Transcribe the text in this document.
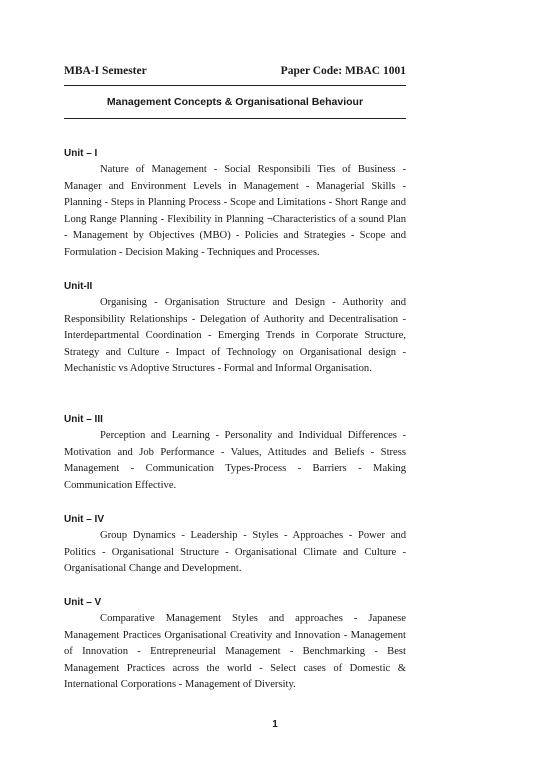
MBA-I Semester	Paper Code: MBAC 1001
Management Concepts & Organisational Behaviour
Unit – I

Nature of Management - Social Responsibili Ties of Business - Manager and Environment Levels in Management - Managerial Skills - Planning - Steps in Planning Process - Scope and Limitations - Short Range and Long Range Planning - Flexibility in Planning ¬Characteristics of a sound Plan - Management by Objectives (MBO) - Policies and Strategies - Scope and Formulation - Decision Making - Techniques and Processes.

Unit-II

Organising - Organisation Structure and Design - Authority and Responsibility Relationships - Delegation of Authority and Decentralisation - Interdepartmental Coordination - Emerging Trends in Corporate Structure, Strategy and Culture - Impact of Technology on Organisational design - Mechanistic vs Adoptive Structures - Formal and Informal Organisation.

Unit – III

Perception and Learning - Personality and Individual Differences - Motivation and Job Performance - Values, Attitudes and Beliefs - Stress Management - Communication Types-Process - Barriers - Making Communication Effective.

Unit – IV

Group Dynamics - Leadership - Styles - Approaches - Power and Politics - Organisational Structure - Organisational Climate and Culture - Organisational Change and Development.

Unit – V

Comparative Management Styles and approaches - Japanese Management Practices Organisational Creativity and Innovation - Management of Innovation - Entrepreneurial Management - Benchmarking - Best Management Practices across the world - Select cases of Domestic & International Corporations - Management of Diversity.

1
